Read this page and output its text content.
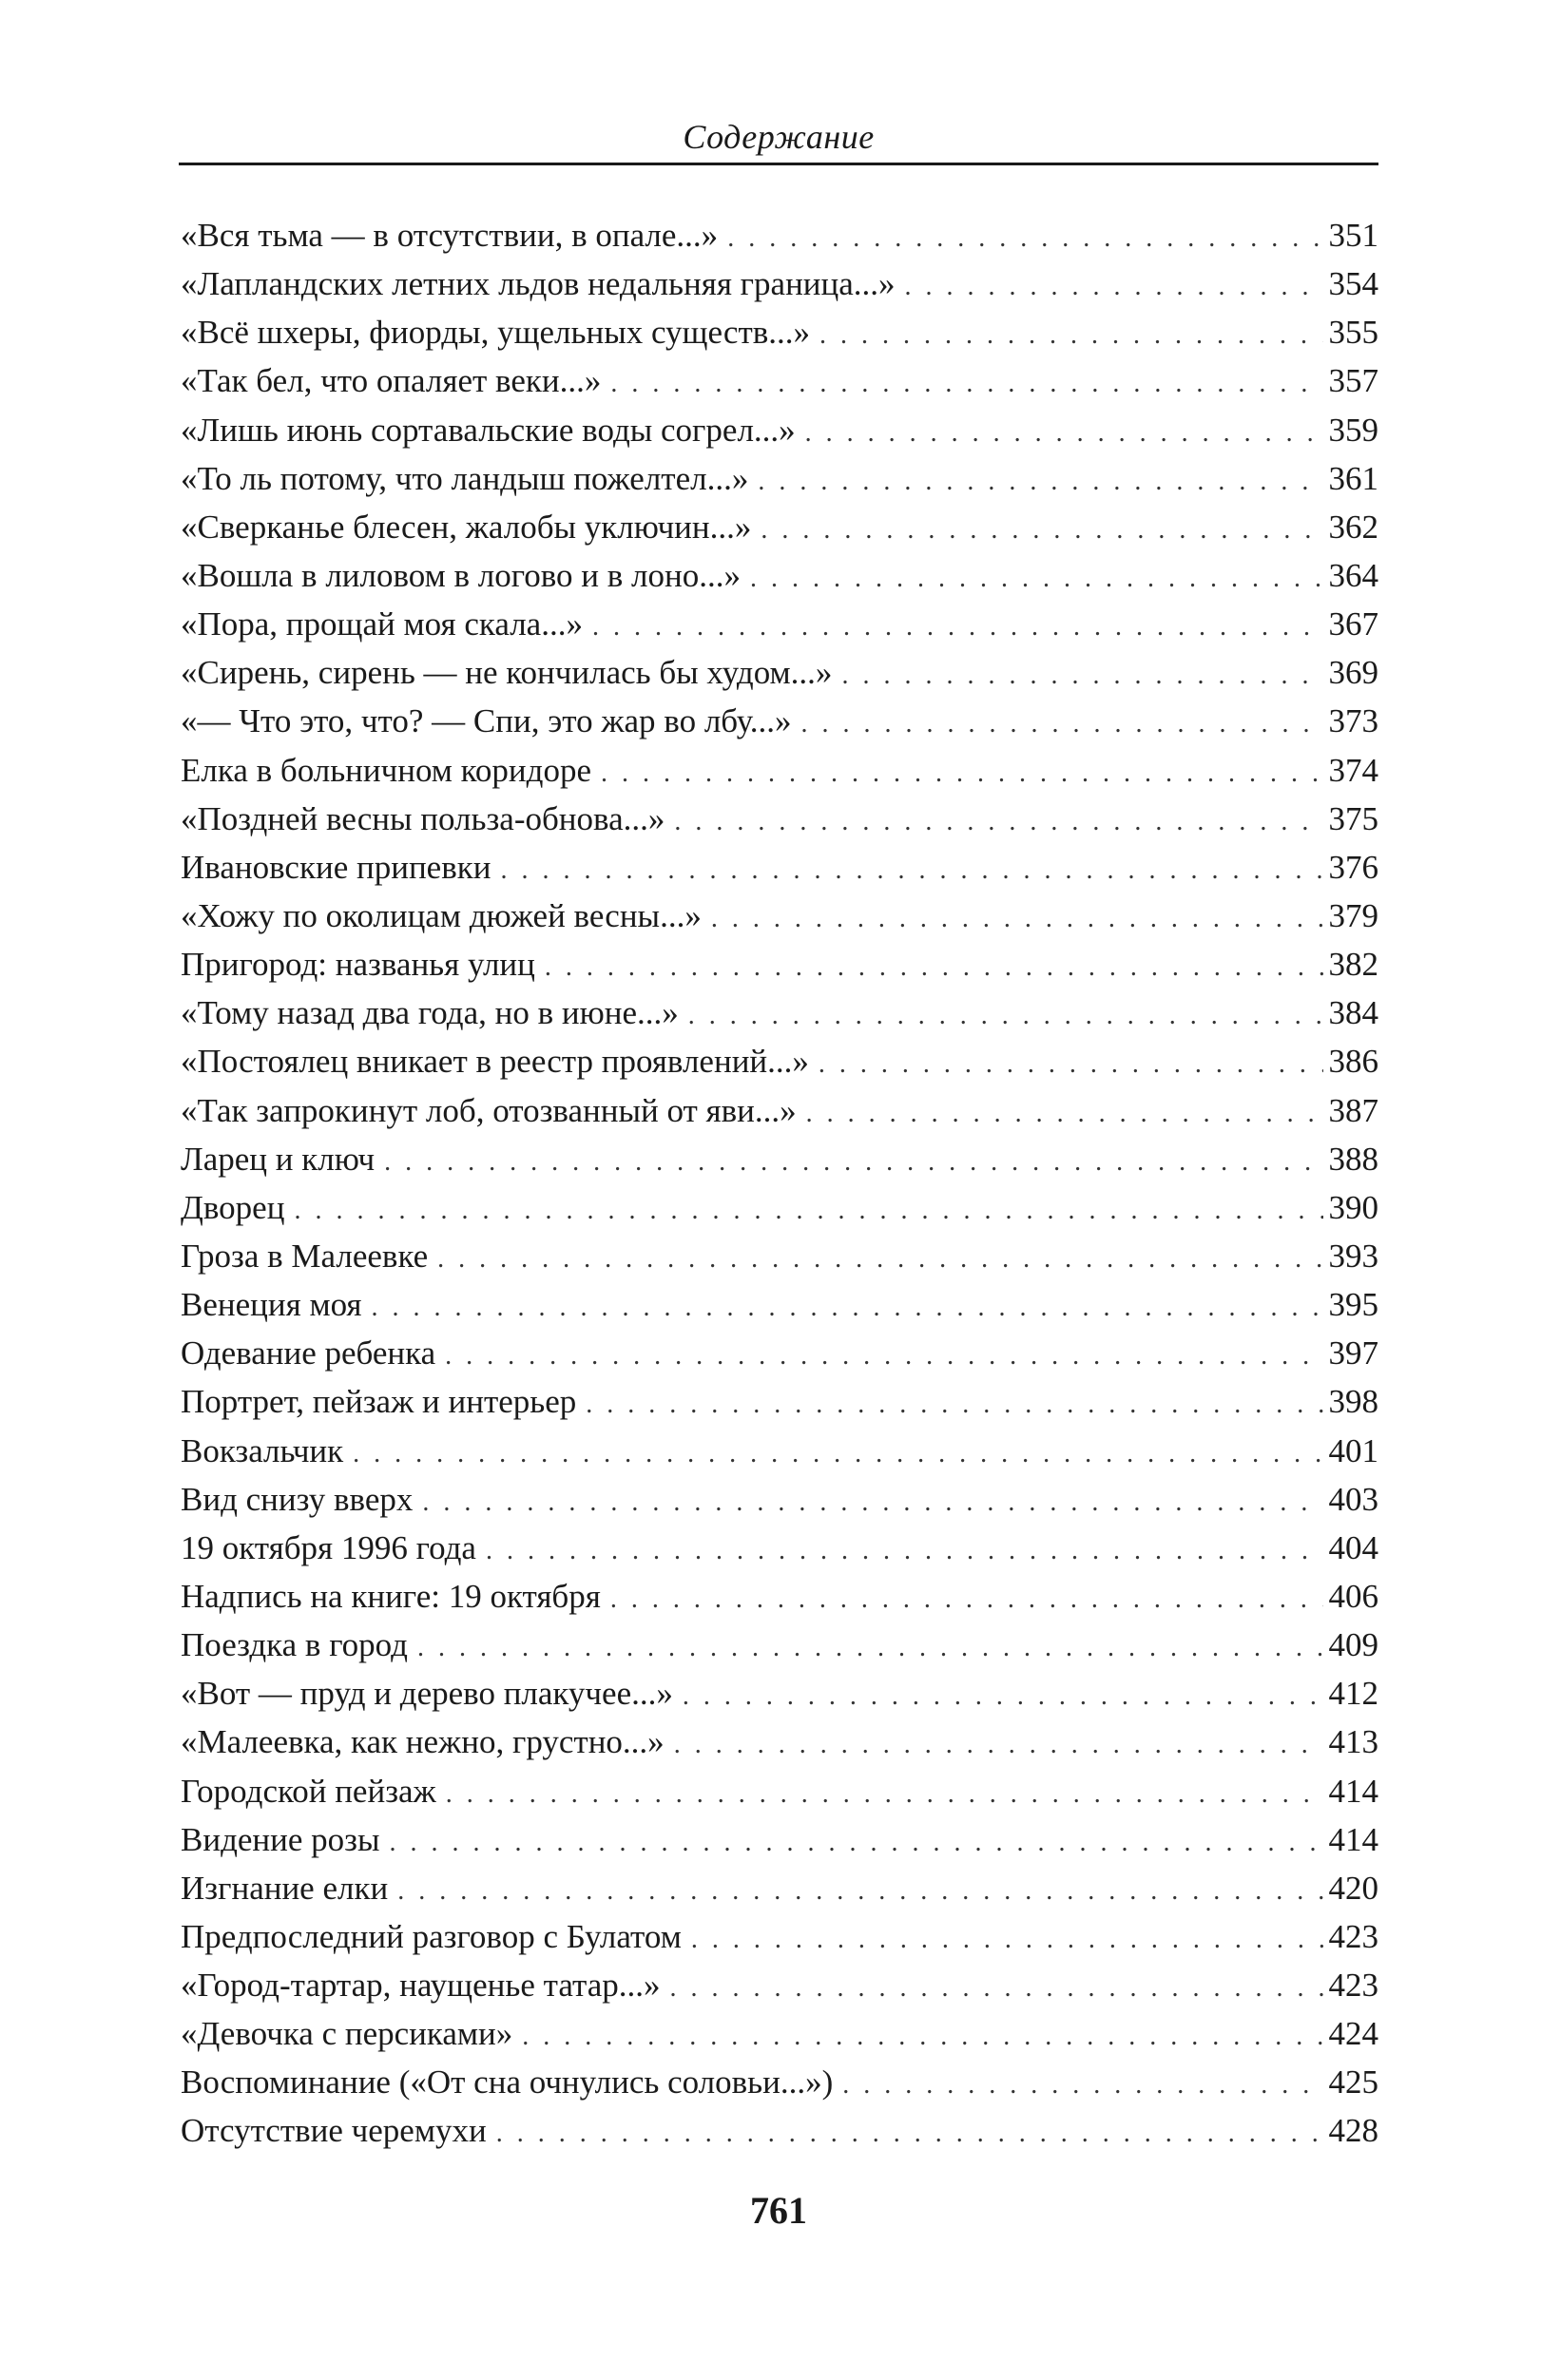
Содержание
«Вся тьма — в отсутствии, в опале...» . . .	351
«Лапландских летних льдов недальняя граница...» . . .	354
«Всё шхеры, фиорды, ущельных существ...» . . .	355
«Так бел, что опаляет веки...» . . .	357
«Лишь июнь сортавальские воды согрел...» . . .	359
«То ль потому, что ландыш пожелтел...» . . .	361
«Сверканье блесен, жалобы уключин...» . . .	362
«Вошла в лиловом в логово и в лоно...» . . .	364
«Пора, прощай моя скала...» . . .	367
«Сирень, сирень — не кончилась бы худом...» . . .	369
«— Что это, что? — Спи, это жар во лбу...» . . .	373
Елка в больничном коридоре . . .	374
«Поздней весны польза-обнова...» . . .	375
Ивановские припевки . . .	376
«Хожу по околицам дюжей весны...» . . .	379
Пригород: названья улиц . . .	382
«Тому назад два года, но в июне...» . . .	384
«Постоялец вникает в реестр проявлений...» . . .	386
«Так запрокинут лоб, отозванный от яви...» . . .	387
Ларец и ключ . . .	388
Дворец . . .	390
Гроза в Малеевке . . .	393
Венеция моя . . .	395
Одевание ребенка . . .	397
Портрет, пейзаж и интерьер . . .	398
Вокзальчик . . .	401
Вид снизу вверх . . .	403
19 октября 1996 года . . .	404
Надпись на книге: 19 октября . . .	406
Поездка в город . . .	409
«Вот — пруд и дерево плакучее...» . . .	412
«Малеевка, как нежно, грустно...» . . .	413
Городской пейзаж . . .	414
Видение розы . . .	414
Изгнание елки . . .	420
Предпоследний разговор с Булатом . . .	423
«Город-тартар, наущенье татар...» . . .	423
«Девочка с персиками» . . .	424
Воспоминание («От сна очнулись соловьи...») . . .	425
Отсутствие черемухи . . .	428
761
